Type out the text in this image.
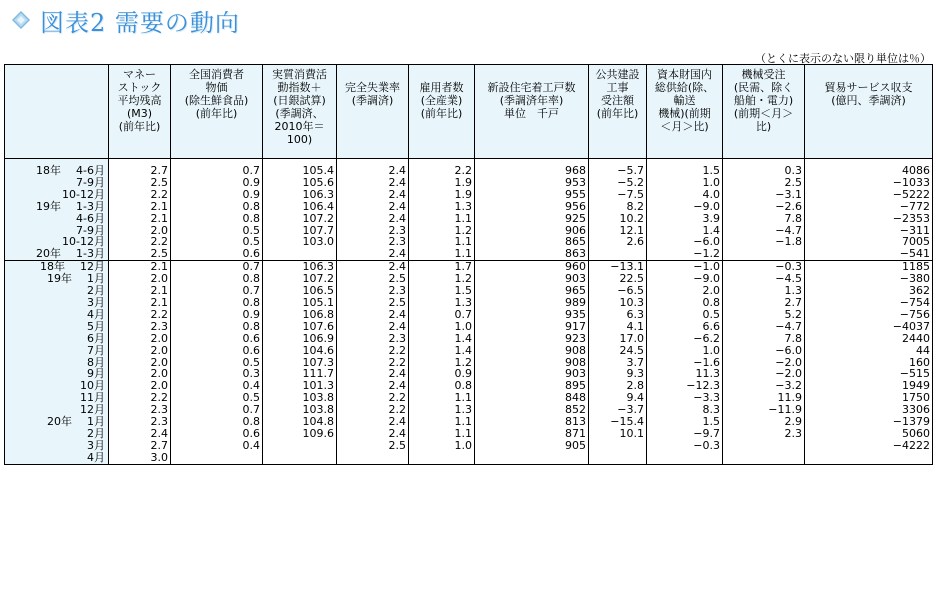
図表2 需要の動向
（とくに表示のない限り単位は％）
	マネー
ストック
平均残高
(M3)
(前年比)	全国消費者
物価
(除生鮮食品)
(前年比)	実質消費活
動指数＋
(日銀試算)
(季調済、
2010年＝100)	完全失業率
(季調済)	雇用者数
(全産業)
(前年比)	新設住宅着工戸数
(季調済年率)
単位　千戸	公共建設
工事
受注額
(前年比)	資本財国内
総供給(除、
輸送
機械)(前期
＜月＞比)	機械受注
(民需、除く
船舶・電力)
(前期＜月＞
比)	貿易サービス収支
(億円、季調済)

18年 4-6月	2.7	0.7	105.4	2.4	2.2	968	−5.7	1.5	0.3	4086
7-9月	2.5	0.9	105.6	2.4	1.9	953	−5.2	1.0	2.5	−1033
10-12月	2.2	0.9	106.3	2.4	1.9	955	−7.5	4.0	−3.1	−5222
19年 1-3月	2.1	0.8	106.4	2.4	1.3	956	8.2	−9.0	−2.6	−772
4-6月	2.1	0.8	107.2	2.4	1.1	925	10.2	3.9	7.8	−2353
7-9月	2.0	0.5	107.7	2.3	1.2	906	12.1	1.4	−4.7	−311
10-12月	2.2	0.5	103.0	2.3	1.1	865	2.6	−6.0	−1.8	7005
20年 1-3月	2.5	0.6		2.4	1.1	863		−1.2		−541
18年 12月	2.1	0.7	106.3	2.4	1.7	960	−13.1	−1.0	−0.3	1185
19年 1月	2.0	0.8	107.2	2.5	1.2	903	22.5	−9.0	−4.5	−380
2月	2.1	0.7	106.5	2.3	1.5	965	−6.5	2.0	1.3	362
3月	2.1	0.8	105.1	2.5	1.3	989	10.3	0.8	2.7	−754
4月	2.2	0.9	106.8	2.4	0.7	935	6.3	0.5	5.2	−756
5月	2.3	0.8	107.6	2.4	1.0	917	4.1	6.6	−4.7	−4037
6月	2.0	0.6	106.9	2.3	1.4	923	17.0	−6.2	7.8	2440
7月	2.0	0.6	104.6	2.2	1.4	908	24.5	1.0	−6.0	44
8月	2.0	0.5	107.3	2.2	1.2	908	3.7	−1.6	−2.0	160
9月	2.0	0.3	111.7	2.4	0.9	903	9.3	11.3	−2.0	−515
10月	2.0	0.4	101.3	2.4	0.8	895	2.8	−12.3	−3.2	1949
11月	2.2	0.5	103.8	2.2	1.1	848	9.4	−3.3	11.9	1750
12月	2.3	0.7	103.8	2.2	1.3	852	−3.7	8.3	−11.9	3306
20年 1月	2.3	0.8	104.8	2.4	1.1	813	−15.4	1.5	2.9	−1379
2月	2.4	0.6	109.6	2.4	1.1	871	10.1	−9.7	2.3	5060
3月	2.7	0.4		2.5	1.0	905		−0.3		−4222
4月	3.0									
